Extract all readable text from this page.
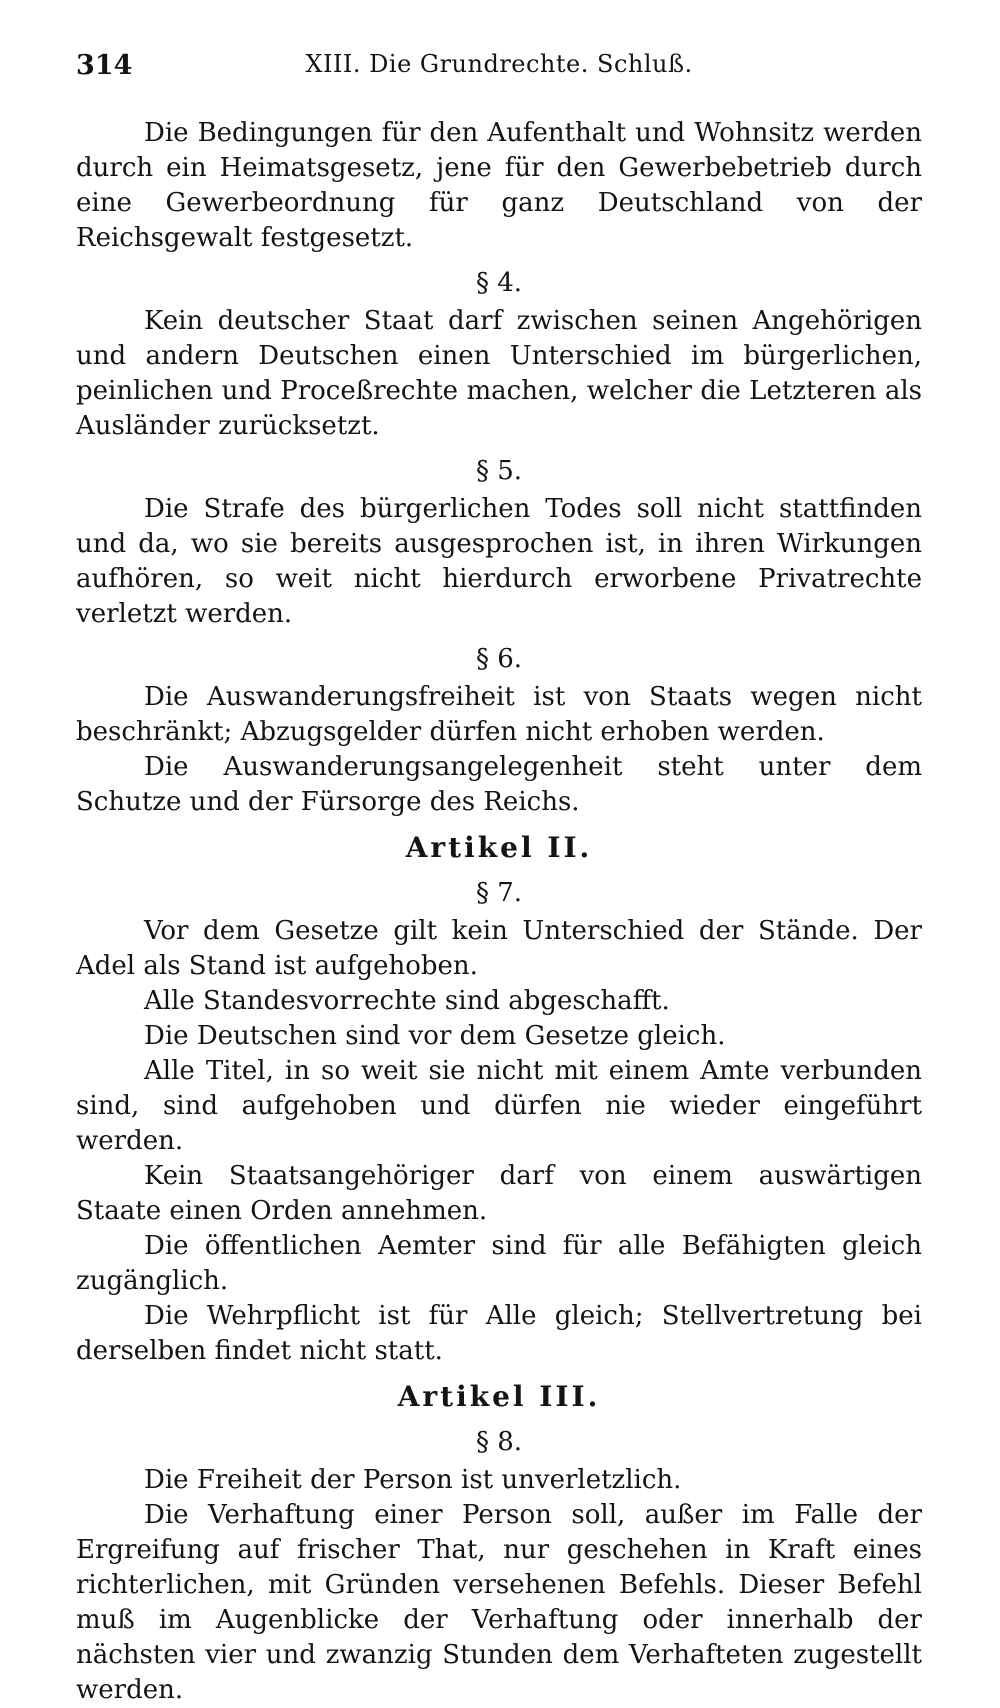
314	XIII. Die Grundrechte. Schluß.

Die Bedingungen für den Aufenthalt und Wohnsitz werden durch ein Heimatsgesetz, jene für den Gewerbebetrieb durch eine Gewerbeordnung für ganz Deutschland von der Reichsgewalt festgesetzt.

§ 4.

Kein deutscher Staat darf zwischen seinen Angehörigen und andern Deutschen einen Unterschied im bürgerlichen, peinlichen und Proceßrechte machen, welcher die Letzteren als Ausländer zurücksetzt.

§ 5.

Die Strafe des bürgerlichen Todes soll nicht stattfinden und da, wo sie bereits ausgesprochen ist, in ihren Wirkungen aufhören, so weit nicht hierdurch erworbene Privatrechte verletzt werden.

§ 6.

Die Auswanderungsfreiheit ist von Staats wegen nicht beschränkt; Abzugsgelder dürfen nicht erhoben werden.

Die Auswanderungsangelegenheit steht unter dem Schutze und der Fürsorge des Reichs.

Artikel II.
§ 7.

Vor dem Gesetze gilt kein Unterschied der Stände. Der Adel als Stand ist aufgehoben.

Alle Standesvorrechte sind abgeschafft.

Die Deutschen sind vor dem Gesetze gleich.

Alle Titel, in so weit sie nicht mit einem Amte verbunden sind, sind aufgehoben und dürfen nie wieder eingeführt werden.

Kein Staatsangehöriger darf von einem auswärtigen Staate einen Orden annehmen.

Die öffentlichen Aemter sind für alle Befähigten gleich zugänglich.

Die Wehrpflicht ist für Alle gleich; Stellvertretung bei derselben findet nicht statt.

Artikel III.
§ 8.

Die Freiheit der Person ist unverletzlich.

Die Verhaftung einer Person soll, außer im Falle der Ergreifung auf frischer That, nur geschehen in Kraft eines richterlichen, mit Gründen versehenen Befehls. Dieser Befehl muß im Augenblicke der Verhaftung oder innerhalb der nächsten vier und zwanzig Stunden dem Verhafteten zugestellt werden.
